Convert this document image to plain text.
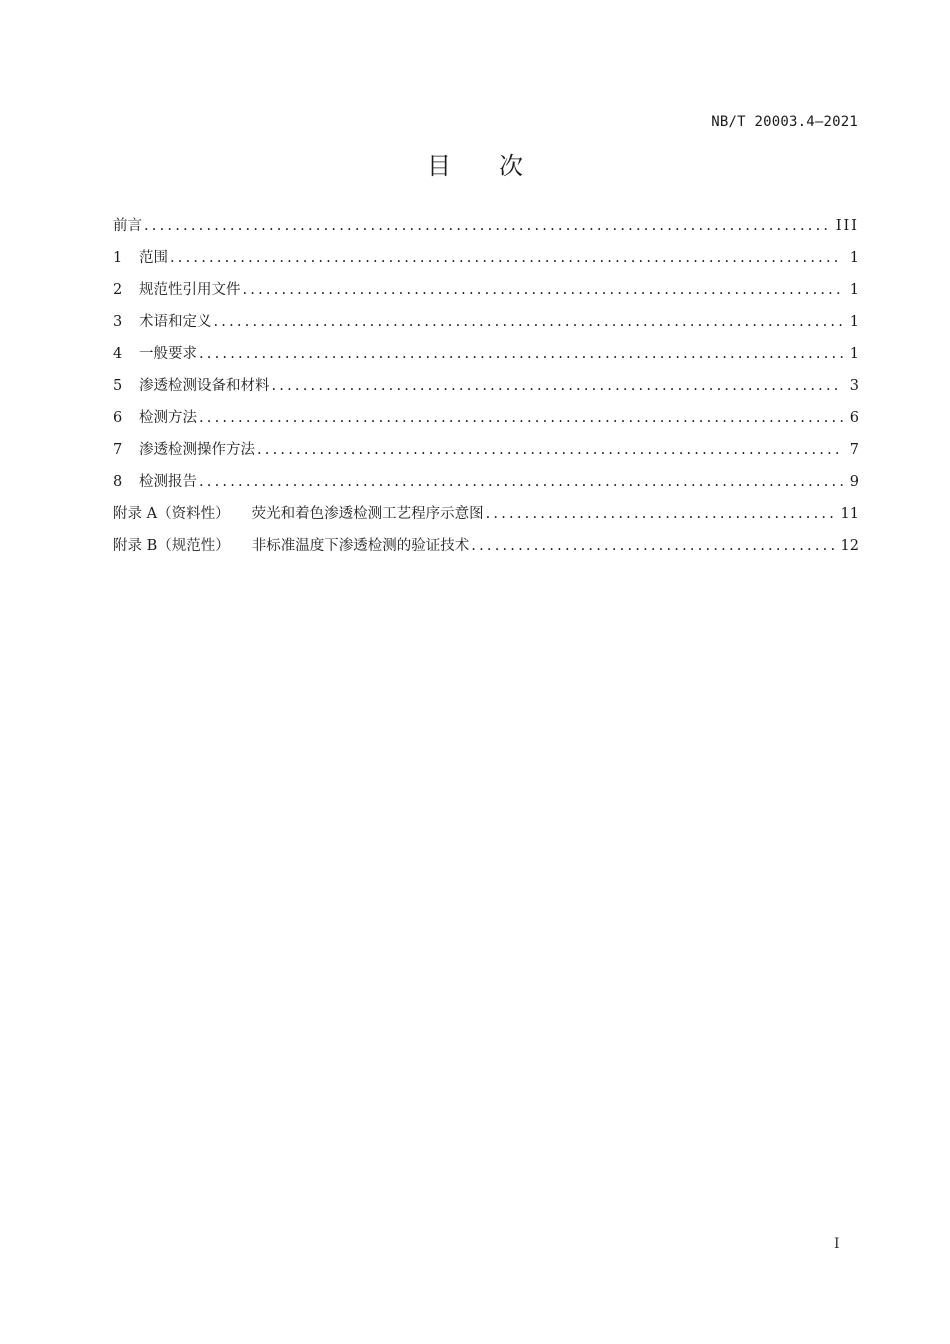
NB/T 20003.4—2021
目次
前言 .....	III
1	范围 .....	1
2	规范性引用文件 .....	1
3	术语和定义 .....	1
4	一般要求 .....	1
5	渗透检测设备和材料 .....	3
6	检测方法 .....	6
7	渗透检测操作方法 .....	7
8	检测报告 .....	9
附录 A（资料性） 荧光和着色渗透检测工艺程序示意图 .....	11
附录 B（规范性） 非标准温度下渗透检测的验证技术 .....	12
I
